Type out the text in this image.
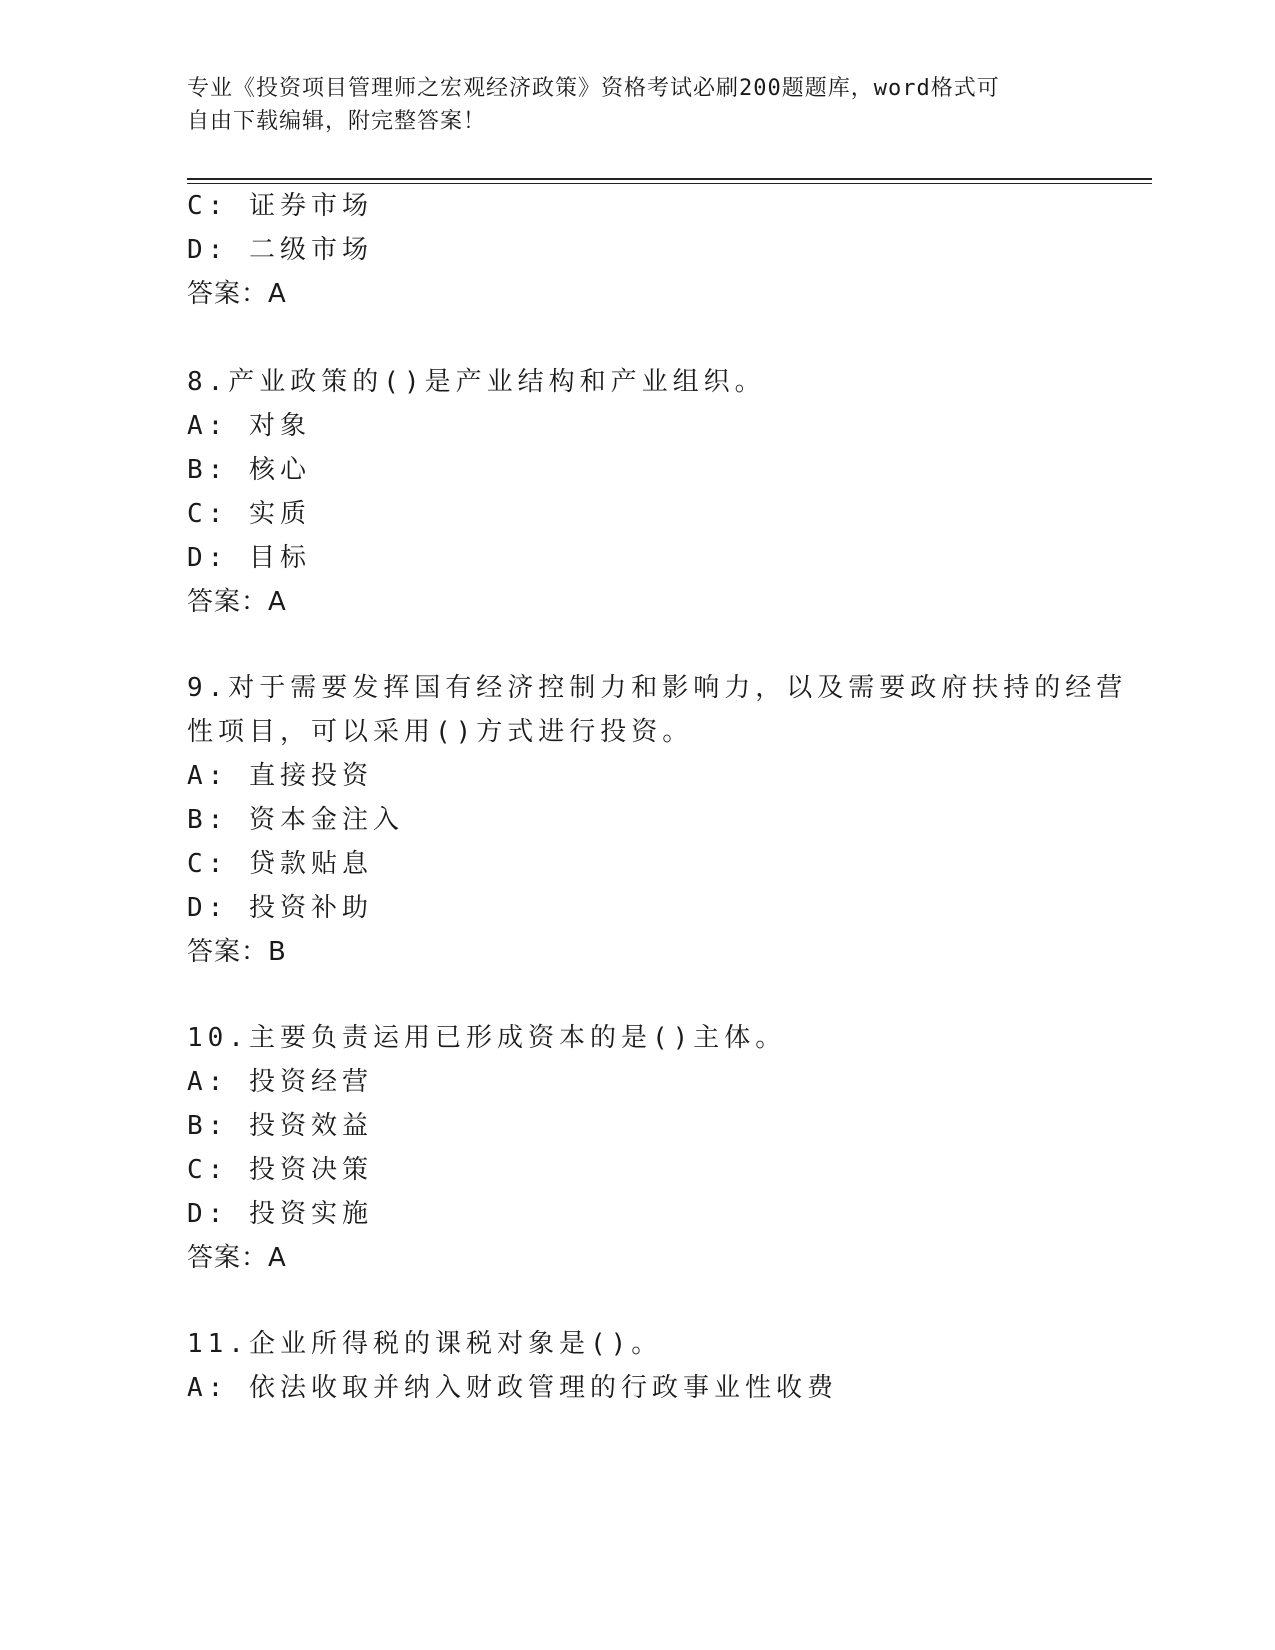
专业《投资项目管理师之宏观经济政策》资格考试必刷200题题库，word格式可
自由下载编辑，附完整答案！
C: 证券市场
D: 二级市场
答案：A
8.产业政策的()是产业结构和产业组织。
A: 对象
B: 核心
C: 实质
D: 目标
答案：A
9.对于需要发挥国有经济控制力和影响力，以及需要政府扶持的经营
性项目，可以采用()方式进行投资。
A: 直接投资
B: 资本金注入
C: 贷款贴息
D: 投资补助
答案：B
10.主要负责运用已形成资本的是()主体。
A: 投资经营
B: 投资效益
C: 投资决策
D: 投资实施
答案：A
11.企业所得税的课税对象是()。
A: 依法收取并纳入财政管理的行政事业性收费
